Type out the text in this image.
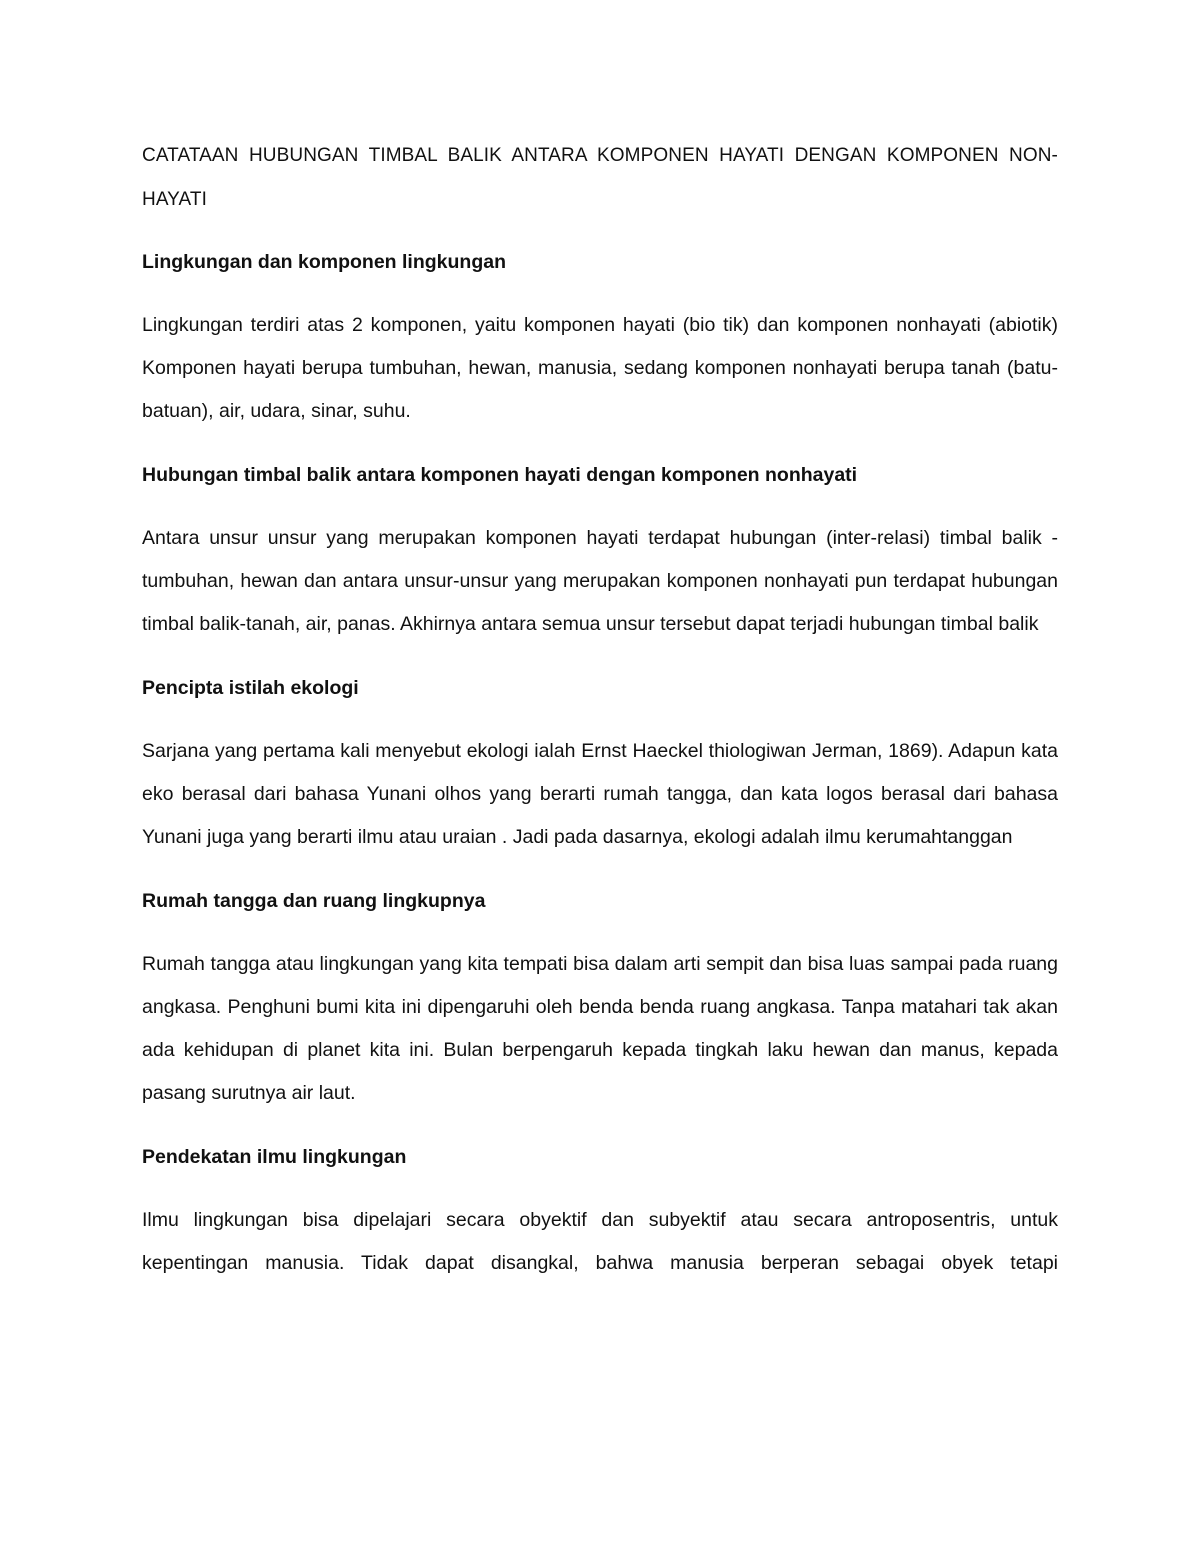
CATATAAN HUBUNGAN TIMBAL BALIK ANTARA KOMPONEN HAYATI DENGAN KOMPONEN NON-HAYATI
Lingkungan dan komponen lingkungan

Lingkungan terdiri atas 2 komponen, yaitu komponen hayati (bio tik) dan komponen nonhayati (abiotik) Komponen hayati berupa tumbuhan, hewan, manusia, sedang komponen nonhayati berupa tanah (batu-batuan), air, udara, sinar, suhu.

Hubungan timbal balik antara komponen hayati dengan komponen nonhayati

Antara unsur unsur yang merupakan komponen hayati terdapat hubungan (inter-relasi) timbal balik - tumbuhan, hewan dan antara unsur-unsur yang merupakan komponen nonhayati pun terdapat hubungan timbal balik-tanah, air, panas. Akhirnya antara semua unsur tersebut dapat terjadi hubungan timbal balik

Pencipta istilah ekologi

Sarjana yang pertama kali menyebut ekologi ialah Ernst Haeckel thiologiwan Jerman, 1869). Adapun kata eko berasal dari bahasa Yunani olhos yang berarti rumah tangga, dan kata logos berasal dari bahasa Yunani juga yang berarti ilmu atau uraian . Jadi pada dasarnya, ekologi adalah ilmu kerumahtanggan

Rumah tangga dan ruang lingkupnya

Rumah tangga atau lingkungan yang kita tempati bisa dalam arti sempit dan bisa luas sampai pada ruang angkasa. Penghuni bumi kita ini dipengaruhi oleh benda benda ruang angkasa. Tanpa matahari tak akan ada kehidupan di planet kita ini. Bulan berpengaruh kepada tingkah laku hewan dan manus, kepada pasang surutnya air laut.

Pendekatan ilmu lingkungan

Ilmu lingkungan bisa dipelajari secara obyektif dan subyektif atau secara antroposentris, untuk kepentingan manusia. Tidak dapat disangkal, bahwa manusia berperan sebagai obyek tetapi
